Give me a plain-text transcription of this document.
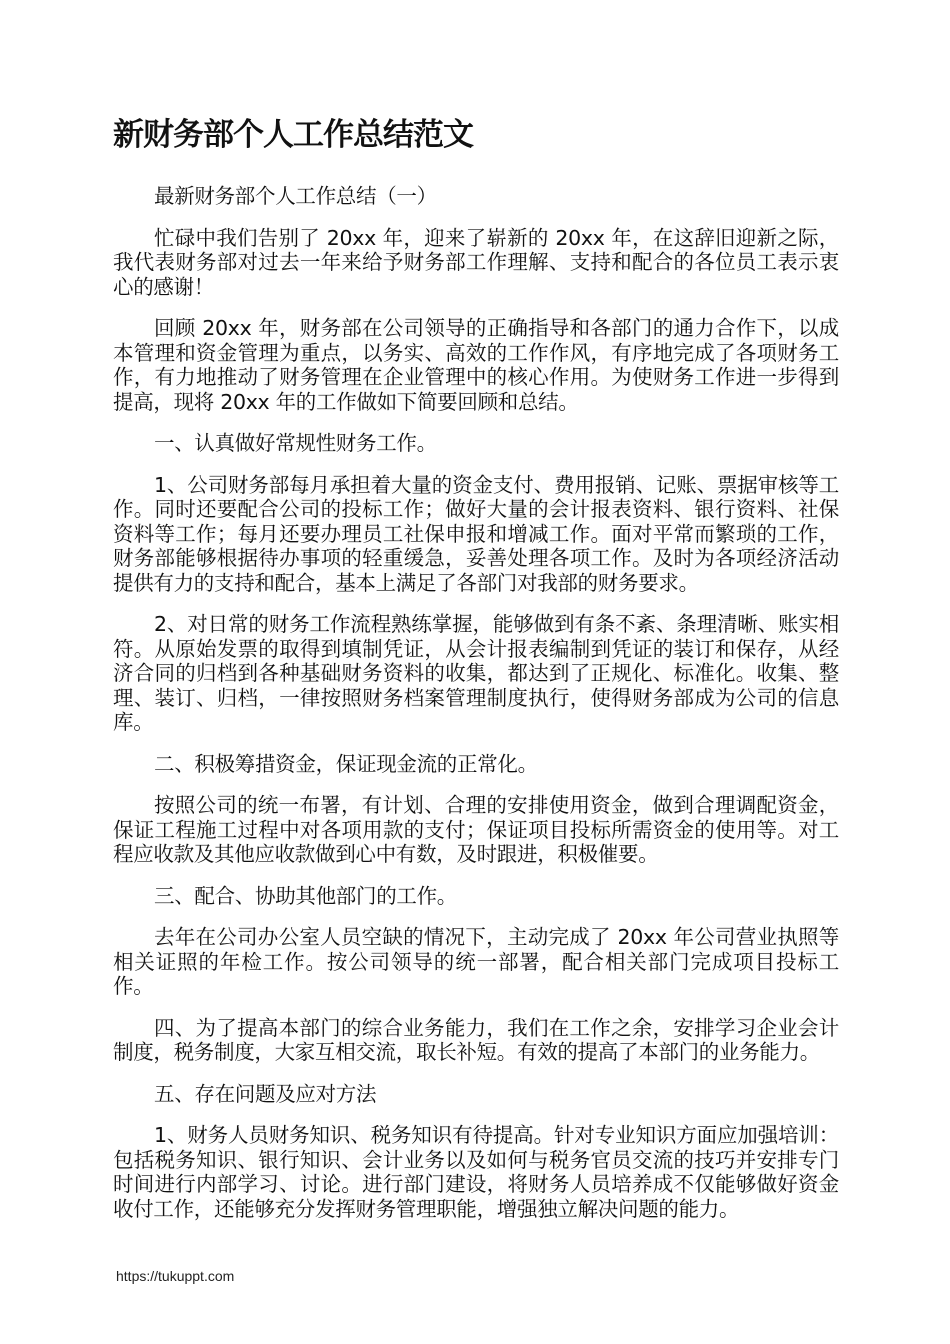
新财务部个人工作总结范文

最新财务部个人工作总结（一）

忙碌中我们告别了 20xx 年，迎来了崭新的 20xx 年，在这辞旧迎新之际，我代表财务部对过去一年来给予财务部工作理解、支持和配合的各位员工表示衷心的感谢！

回顾 20xx 年，财务部在公司领导的正确指导和各部门的通力合作下，以成本管理和资金管理为重点，以务实、高效的工作作风，有序地完成了各项财务工作，有力地推动了财务管理在企业管理中的核心作用。为使财务工作进一步得到提高，现将 20xx 年的工作做如下简要回顾和总结。

一、认真做好常规性财务工作。

1、公司财务部每月承担着大量的资金支付、费用报销、记账、票据审核等工作。同时还要配合公司的投标工作；做好大量的会计报表资料、银行资料、社保资料等工作；每月还要办理员工社保申报和增减工作。面对平常而繁琐的工作，财务部能够根据待办事项的轻重缓急，妥善处理各项工作。及时为各项经济活动提供有力的支持和配合，基本上满足了各部门对我部的财务要求。

2、对日常的财务工作流程熟练掌握，能够做到有条不紊、条理清晰、账实相符。从原始发票的取得到填制凭证，从会计报表编制到凭证的装订和保存，从经济合同的归档到各种基础财务资料的收集，都达到了正规化、标准化。收集、整理、装订、归档，一律按照财务档案管理制度执行，使得财务部成为公司的信息库。

二、积极筹措资金，保证现金流的正常化。

按照公司的统一布署，有计划、合理的安排使用资金，做到合理调配资金，保证工程施工过程中对各项用款的支付；保证项目投标所需资金的使用等。对工程应收款及其他应收款做到心中有数，及时跟进，积极催要。

三、配合、协助其他部门的工作。

去年在公司办公室人员空缺的情况下，主动完成了 20xx 年公司营业执照等相关证照的年检工作。按公司领导的统一部署，配合相关部门完成项目投标工作。

四、为了提高本部门的综合业务能力，我们在工作之余，安排学习企业会计制度，税务制度，大家互相交流，取长补短。有效的提高了本部门的业务能力。

五、存在问题及应对方法

1、财务人员财务知识、税务知识有待提高。针对专业知识方面应加强培训：包括税务知识、银行知识、会计业务以及如何与税务官员交流的技巧并安排专门时间进行内部学习、讨论。进行部门建设，将财务人员培养成不仅能够做好资金收付工作，还能够充分发挥财务管理职能，增强独立解决问题的能力。

https://tukuppt.com
